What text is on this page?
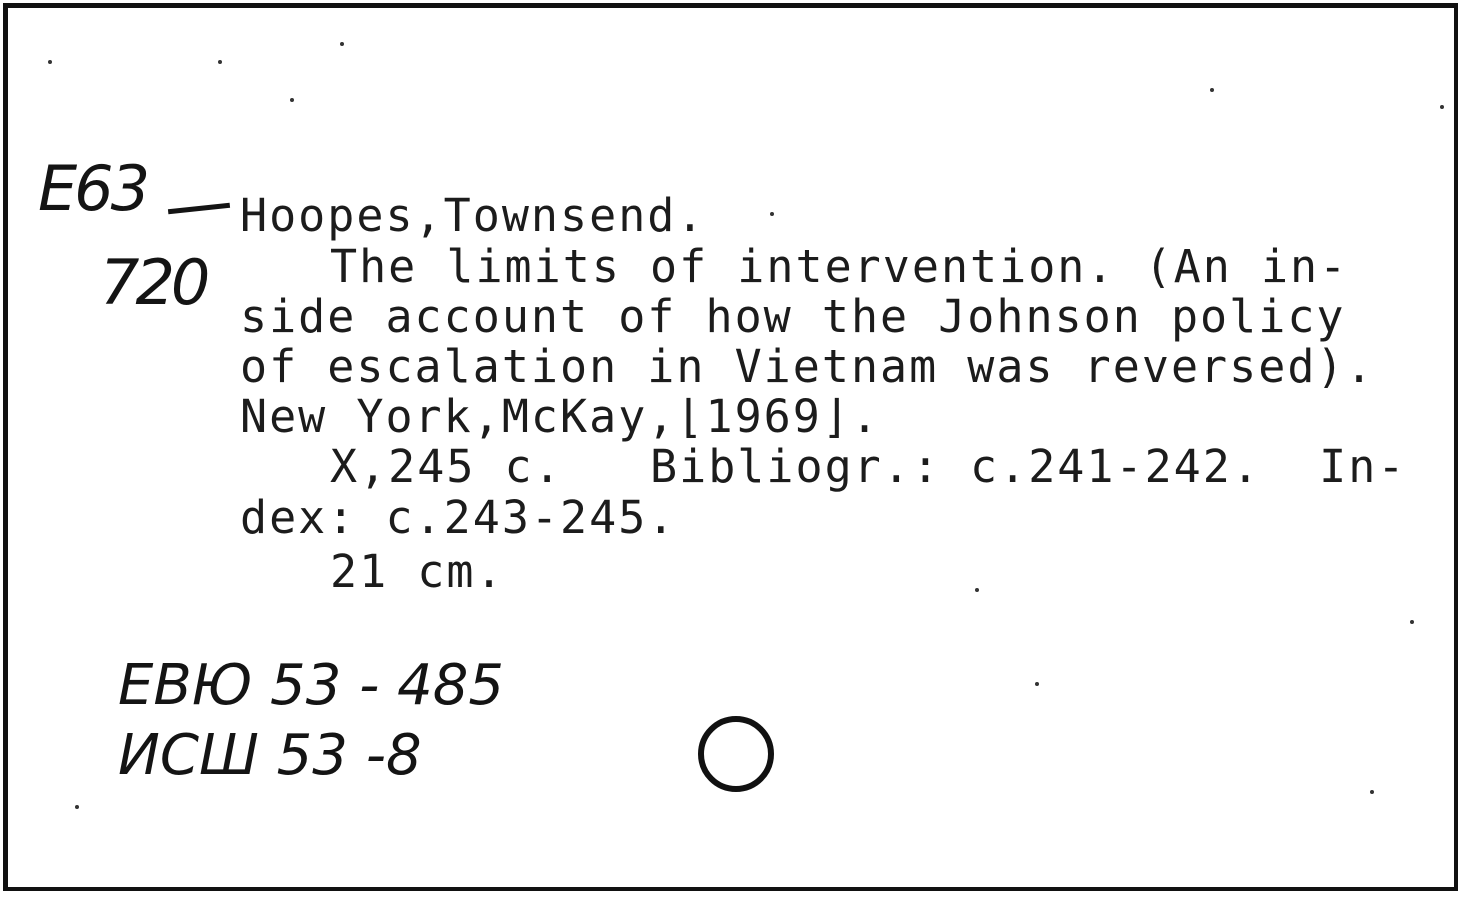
E63
720
Hoopes,Townsend.
The limits of intervention. (An in-
side account of how the Johnson policy
of escalation in Vietnam was reversed).
New York,McKay,⌊1969⌋.
X,245 c.   Bibliogr.: c.241-242.  In-
dex: c.243-245.
21 cm.
ЕВЮ 53 - 485
ИСШ 53 -8
